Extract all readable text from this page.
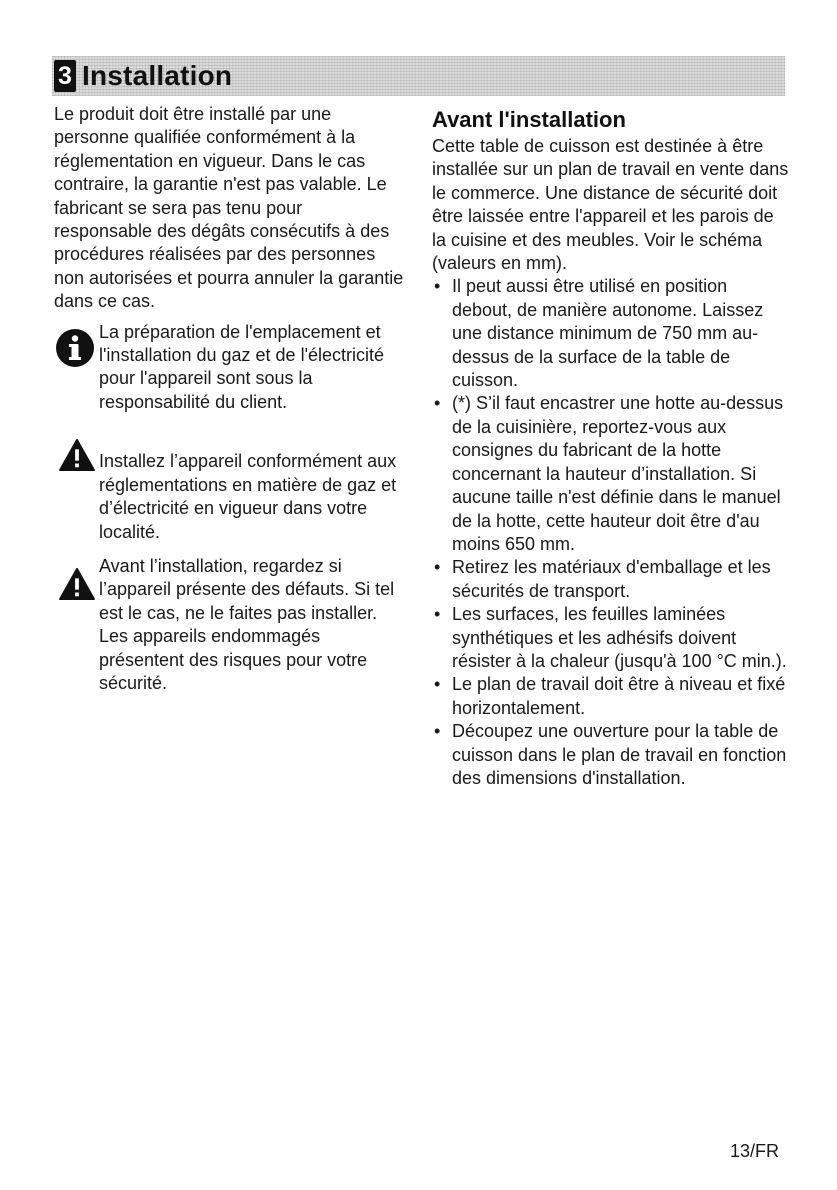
3 Installation

Le produit doit être installé par une personne qualifiée conformément à la réglementation en vigueur. Dans le cas contraire, la garantie n'est pas valable. Le fabricant se sera pas tenu pour responsable des dégâts consécutifs à des procédures réalisées par des personnes non autorisées et pourra annuler la garantie dans ce cas.

La préparation de l'emplacement et l'installation du gaz et de l'électricité pour l'appareil sont sous la responsabilité du client.

Installez l’appareil conformément aux réglementations en matière de gaz et d’électricité en vigueur dans votre localité.

Avant l’installation, regardez si l’appareil présente des défauts. Si tel est le cas, ne le faites pas installer.

Les appareils endommagés présentent des risques pour votre sécurité.

Avant l'installation

Cette table de cuisson est destinée à être installée sur un plan de travail en vente dans le commerce. Une distance de sécurité doit être laissée entre l'appareil et les parois de la cuisine et des meubles. Voir le schéma (valeurs en mm).

• Il peut aussi être utilisé en position debout, de manière autonome. Laissez une distance minimum de 750 mm au-dessus de la surface de la table de cuisson.
• (*) S’il faut encastrer une hotte au-dessus de la cuisinière, reportez-vous aux consignes du fabricant de la hotte concernant la hauteur d’installation. Si aucune taille n'est définie dans le manuel de la hotte, cette hauteur doit être d'au moins 650 mm.
• Retirez les matériaux d'emballage et les sécurités de transport.
• Les surfaces, les feuilles laminées synthétiques et les adhésifs doivent résister à la chaleur (jusqu'à 100 °C min.).
• Le plan de travail doit être à niveau et fixé horizontalement.
• Découpez une ouverture pour la table de cuisson dans le plan de travail en fonction des dimensions d'installation.
13/FR
